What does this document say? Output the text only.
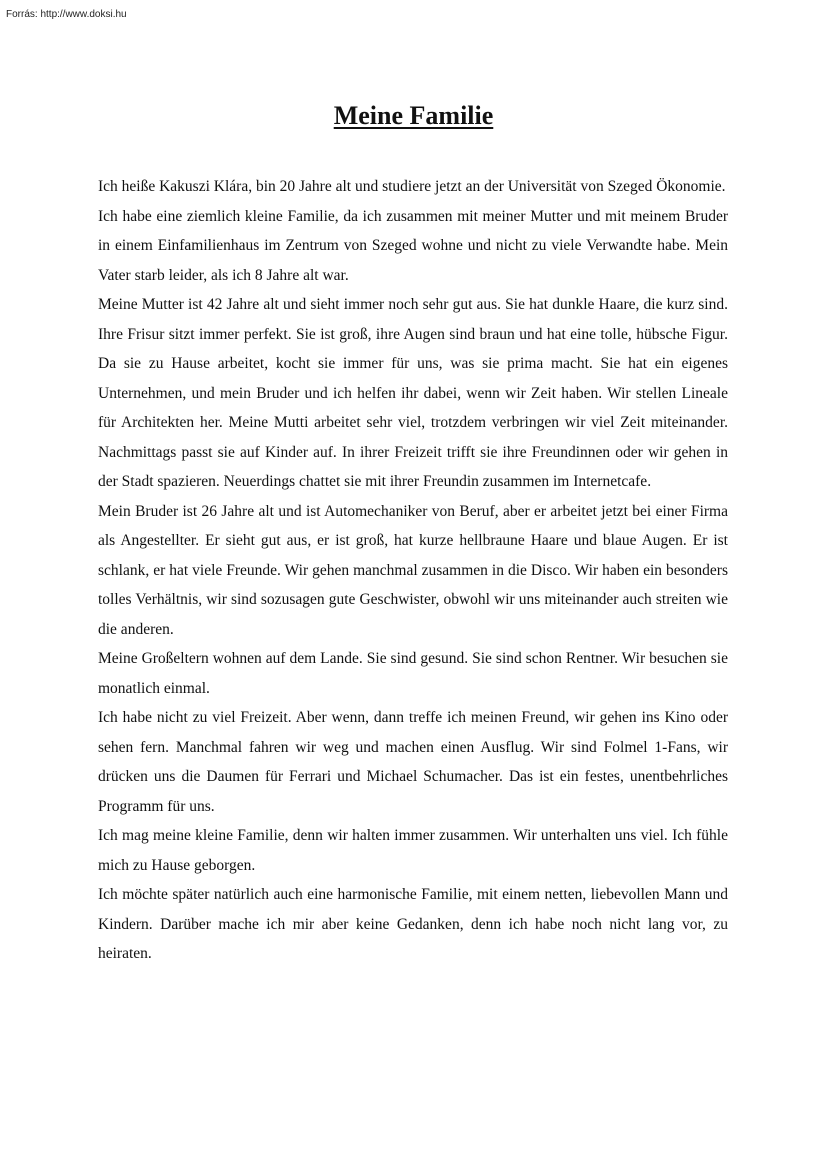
Forrás: http://www.doksi.hu
Meine Familie

Ich heiße Kakuszi Klára, bin 20 Jahre alt und studiere jetzt an der Universität von Szeged Ökonomie.

Ich habe eine ziemlich kleine Familie, da ich zusammen mit meiner Mutter und mit meinem Bruder in einem Einfamilienhaus im Zentrum von Szeged wohne und nicht zu viele Verwandte habe. Mein Vater starb leider, als ich 8 Jahre alt war.

Meine Mutter ist 42 Jahre alt und sieht immer noch sehr gut aus. Sie hat dunkle Haare, die kurz sind. Ihre Frisur sitzt immer perfekt. Sie ist groß, ihre Augen sind braun und hat eine tolle, hübsche Figur. Da sie zu Hause arbeitet, kocht sie immer für uns, was sie prima macht. Sie hat ein eigenes Unternehmen, und mein Bruder und ich helfen ihr dabei, wenn wir Zeit haben. Wir stellen Lineale für Architekten her. Meine Mutti arbeitet sehr viel, trotzdem verbringen wir viel Zeit miteinander. Nachmittags passt sie auf Kinder auf. In ihrer Freizeit trifft sie ihre Freundinnen oder wir gehen in der Stadt spazieren. Neuerdings chattet sie mit ihrer Freundin zusammen im Internetcafe.

Mein Bruder ist 26 Jahre alt und ist Automechaniker von Beruf, aber er arbeitet jetzt bei einer Firma als Angestellter. Er sieht gut aus, er ist groß, hat kurze hellbraune Haare und blaue Augen. Er ist schlank, er hat viele Freunde. Wir gehen manchmal zusammen in die Disco. Wir haben ein besonders tolles Verhältnis, wir sind sozusagen gute Geschwister, obwohl wir uns miteinander auch streiten wie die anderen.

Meine Großeltern wohnen auf dem Lande. Sie sind gesund. Sie sind schon Rentner. Wir besuchen sie monatlich einmal.

Ich habe nicht zu viel Freizeit. Aber wenn, dann treffe ich meinen Freund, wir gehen ins Kino oder sehen fern. Manchmal fahren wir weg und machen einen Ausflug. Wir sind Folmel 1-Fans, wir drücken uns die Daumen für Ferrari und Michael Schumacher. Das ist ein festes, unentbehrliches Programm für uns.

Ich mag meine kleine Familie, denn wir halten immer zusammen. Wir unterhalten uns viel. Ich fühle mich zu Hause geborgen.

Ich möchte später natürlich auch eine harmonische Familie, mit einem netten, liebevollen Mann und Kindern. Darüber mache ich mir aber keine Gedanken, denn ich habe noch nicht lang vor, zu heiraten.
